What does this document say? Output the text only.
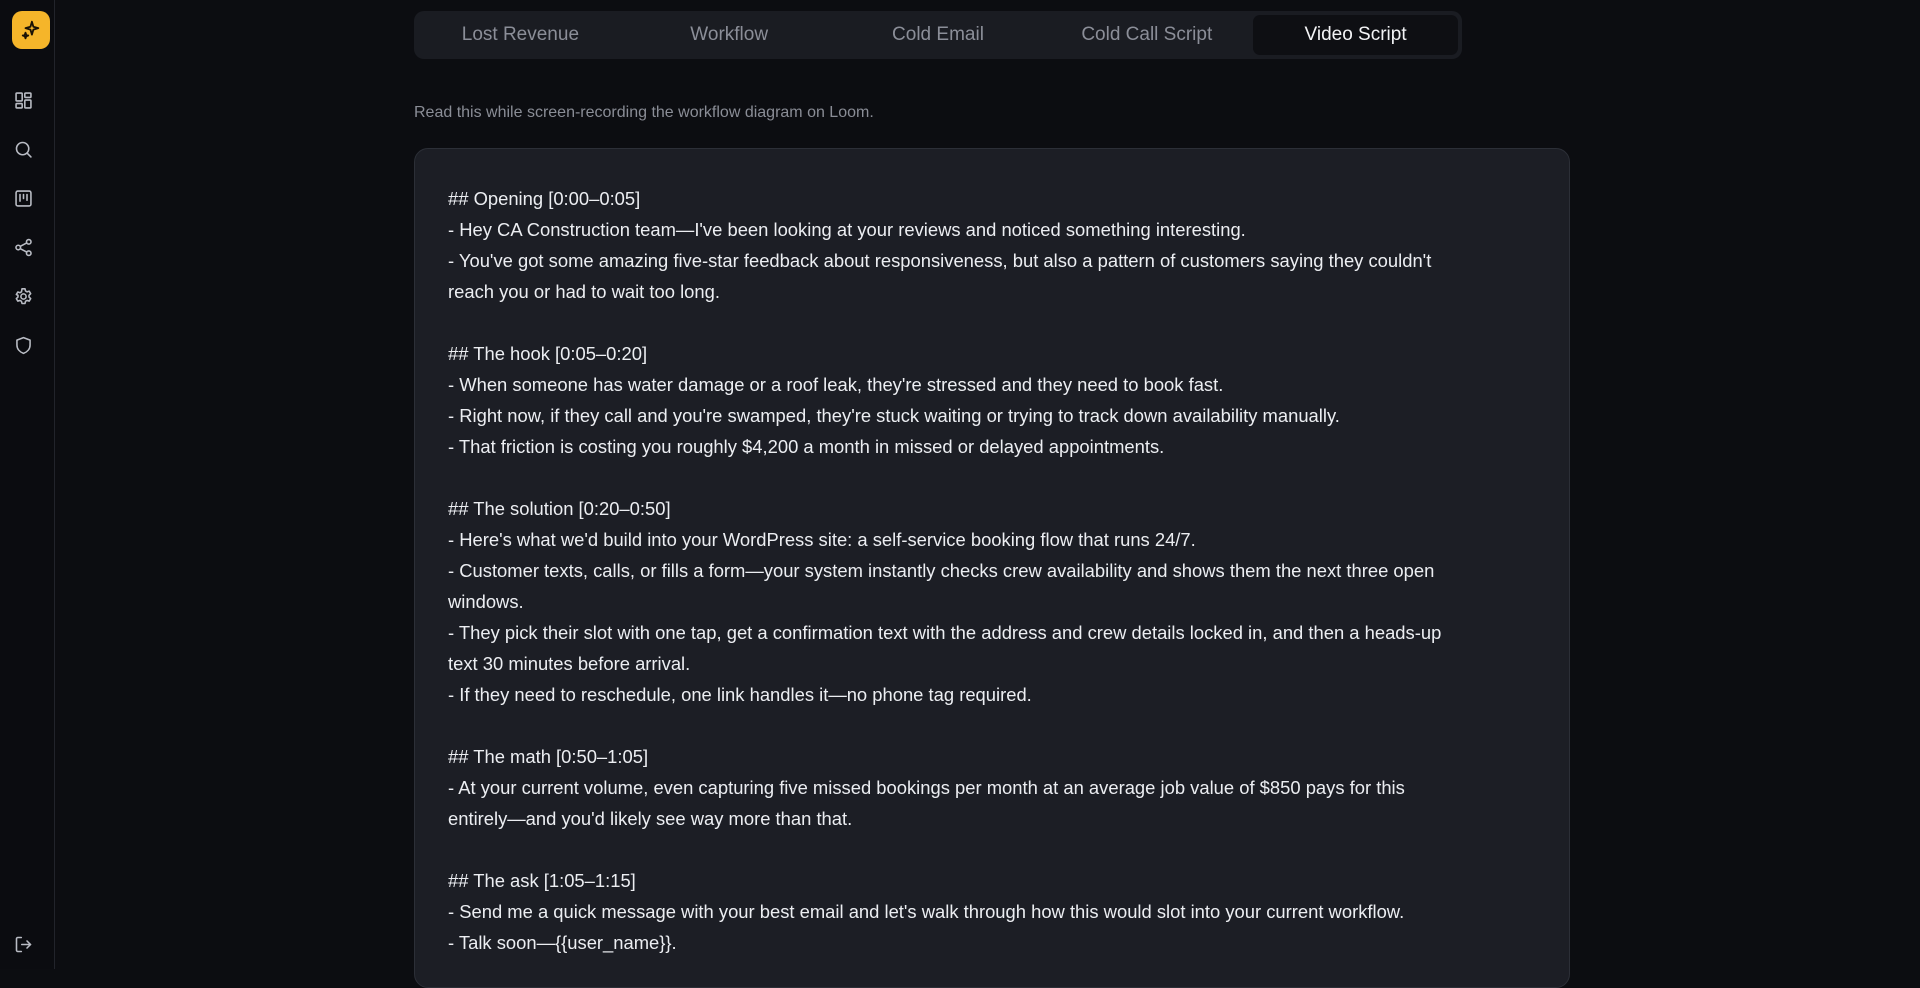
Lost Revenue	Workflow	Cold Email	Cold Call Script	Video Script
Read this while screen-recording the workflow diagram on Loom.
## Opening [0:00–0:05]
- Hey CA Construction team—I've been looking at your reviews and noticed something interesting.
- You've got some amazing five-star feedback about responsiveness, but also a pattern of customers saying they couldn't
reach you or had to wait too long.
## The hook [0:05–0:20]
- When someone has water damage or a roof leak, they're stressed and they need to book fast.
- Right now, if they call and you're swamped, they're stuck waiting or trying to track down availability manually.
- That friction is costing you roughly $4,200 a month in missed or delayed appointments.
## The solution [0:20–0:50]
- Here's what we'd build into your WordPress site: a self-service booking flow that runs 24/7.
- Customer texts, calls, or fills a form—your system instantly checks crew availability and shows them the next three open
windows.
- They pick their slot with one tap, get a confirmation text with the address and crew details locked in, and then a heads-up
text 30 minutes before arrival.
- If they need to reschedule, one link handles it—no phone tag required.
## The math [0:50–1:05]
- At your current volume, even capturing five missed bookings per month at an average job value of $850 pays for this
entirely—and you'd likely see way more than that.
## The ask [1:05–1:15]
- Send me a quick message with your best email and let's walk through how this would slot into your current workflow.
- Talk soon—{{user_name}}.
